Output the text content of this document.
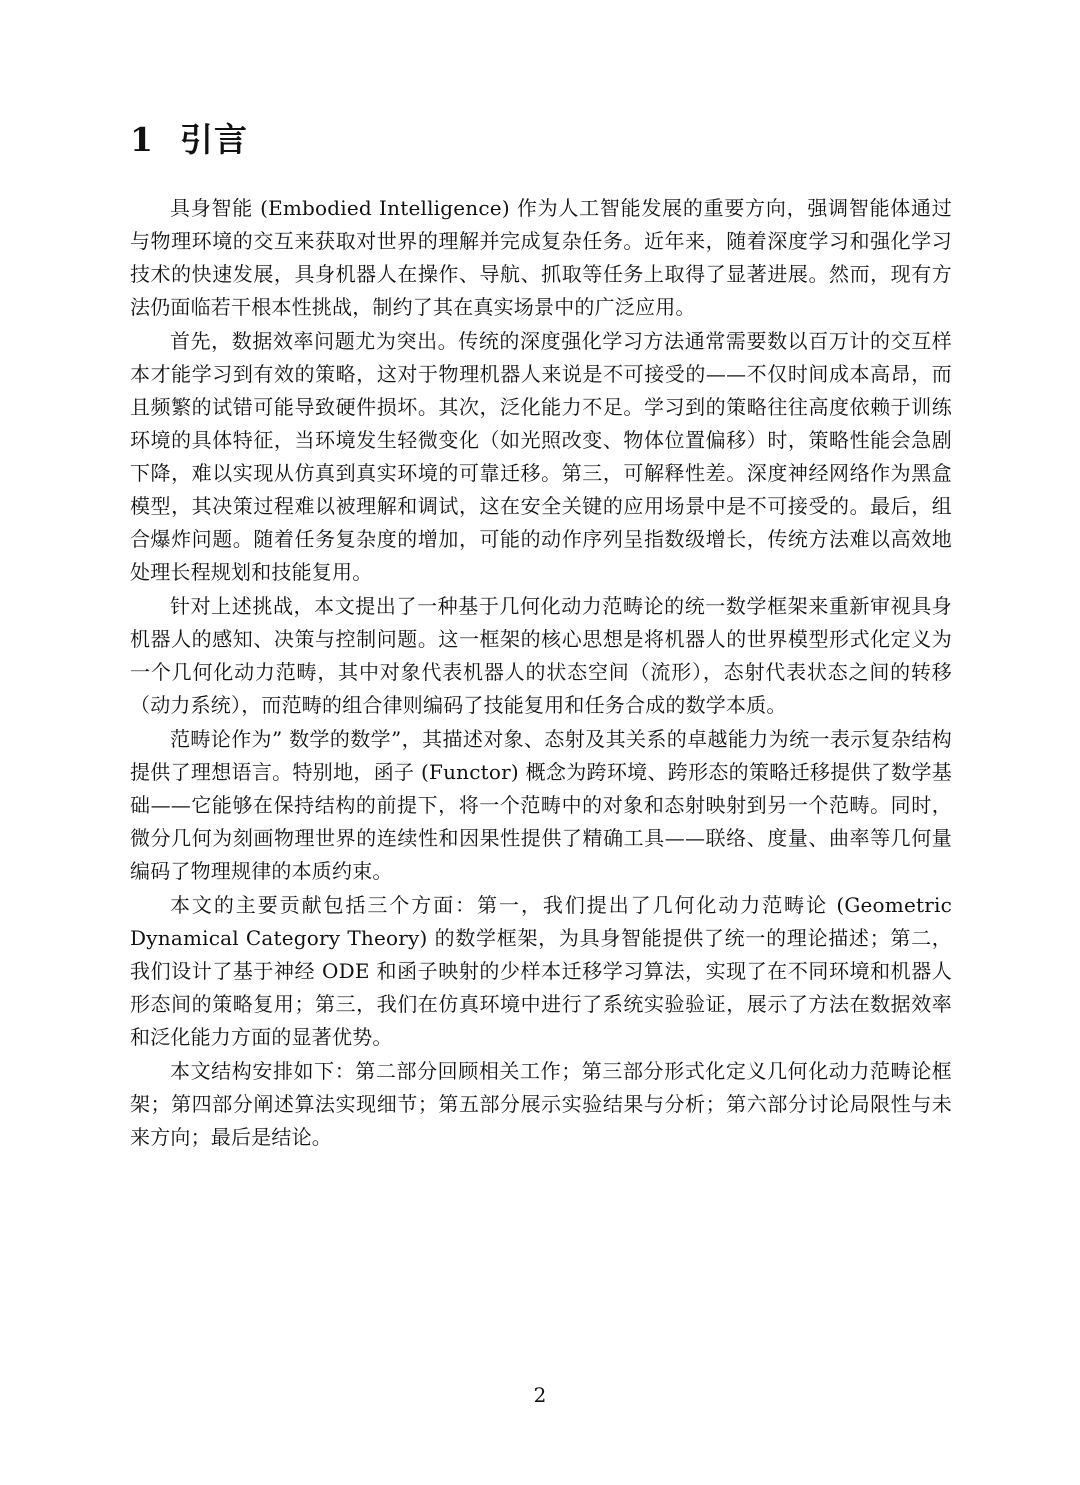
1 引言

具身智能 (Embodied Intelligence) 作为人工智能发展的重要方向，强调智能体通过与物理环境的交互来获取对世界的理解并完成复杂任务。近年来，随着深度学习和强化学习技术的快速发展，具身机器人在操作、导航、抓取等任务上取得了显著进展。然而，现有方法仍面临若干根本性挑战，制约了其在真实场景中的广泛应用。

首先，数据效率问题尤为突出。传统的深度强化学习方法通常需要数以百万计的交互样本才能学习到有效的策略，这对于物理机器人来说是不可接受的——不仅时间成本高昂，而且频繁的试错可能导致硬件损坏。其次，泛化能力不足。学习到的策略往往高度依赖于训练环境的具体特征，当环境发生轻微变化（如光照改变、物体位置偏移）时，策略性能会急剧下降，难以实现从仿真到真实环境的可靠迁移。第三，可解释性差。深度神经网络作为黑盒模型，其决策过程难以被理解和调试，这在安全关键的应用场景中是不可接受的。最后，组合爆炸问题。随着任务复杂度的增加，可能的动作序列呈指数级增长，传统方法难以高效地处理长程规划和技能复用。

针对上述挑战，本文提出了一种基于几何化动力范畴论的统一数学框架来重新审视具身机器人的感知、决策与控制问题。这一框架的核心思想是将机器人的世界模型形式化定义为一个几何化动力范畴，其中对象代表机器人的状态空间（流形），态射代表状态之间的转移（动力系统），而范畴的组合律则编码了技能复用和任务合成的数学本质。

范畴论作为” 数学的数学”，其描述对象、态射及其关系的卓越能力为统一表示复杂结构提供了理想语言。特别地，函子 (Functor) 概念为跨环境、跨形态的策略迁移提供了数学基础——它能够在保持结构的前提下，将一个范畴中的对象和态射映射到另一个范畴。同时，微分几何为刻画物理世界的连续性和因果性提供了精确工具——联络、度量、曲率等几何量编码了物理规律的本质约束。

本文的主要贡献包括三个方面：第一，我们提出了几何化动力范畴论 (Geometric Dynamical Category Theory) 的数学框架，为具身智能提供了统一的理论描述；第二，我们设计了基于神经 ODE 和函子映射的少样本迁移学习算法，实现了在不同环境和机器人形态间的策略复用；第三，我们在仿真环境中进行了系统实验验证，展示了方法在数据效率和泛化能力方面的显著优势。

本文结构安排如下：第二部分回顾相关工作；第三部分形式化定义几何化动力范畴论框架；第四部分阐述算法实现细节；第五部分展示实验结果与分析；第六部分讨论局限性与未来方向；最后是结论。

2
